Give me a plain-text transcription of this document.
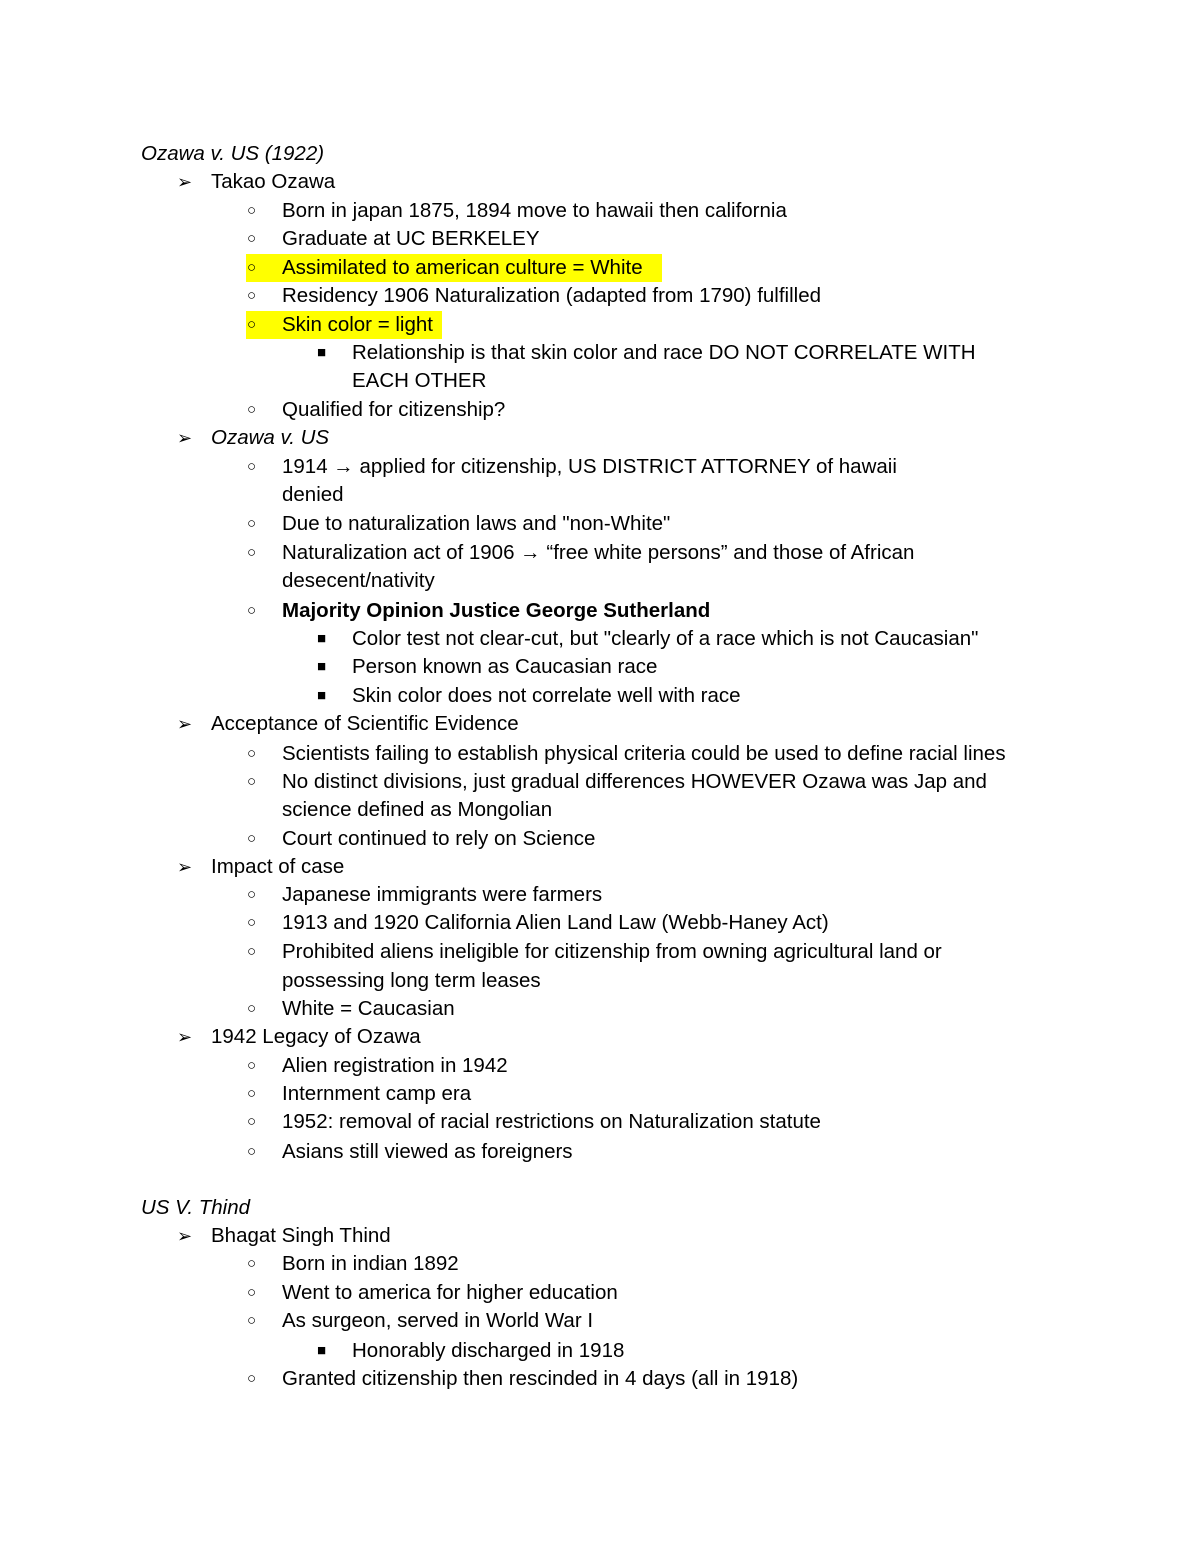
Ozawa v. US (1922)
➢ Takao Ozawa
○	Born in japan 1875, 1894 move to hawaii then california
○	Graduate at UC BERKELEY
○	Assimilated to american culture = White
○	Residency 1906 Naturalization (adapted from 1790) fulfilled
○	Skin color = light
■	Relationship is that skin color and race DO NOT CORRELATE WITH
EACH OTHER
○	Qualified for citizenship?
➢ Ozawa v. US
○	1914 → applied for citizenship, US DISTRICT ATTORNEY of hawaii
denied
○	Due to naturalization laws and "non-White"
○	Naturalization act of 1906 → “free white persons” and those of African
desecent/nativity
○	Majority Opinion Justice George Sutherland
■	Color test not clear-cut, but "clearly of a race which is not Caucasian"
■	Person known as Caucasian race
■	Skin color does not correlate well with race
➢ Acceptance of Scientific Evidence
○	Scientists failing to establish physical criteria could be used to define racial lines
○	No distinct divisions, just gradual differences HOWEVER Ozawa was Jap and
science defined as Mongolian
○	Court continued to rely on Science
➢ Impact of case
○	Japanese immigrants were farmers
○	1913 and 1920 California Alien Land Law (Webb-Haney Act)
○	Prohibited aliens ineligible for citizenship from owning agricultural land or
possessing long term leases
○	White = Caucasian
➢ 1942 Legacy of Ozawa
○	Alien registration in 1942
○	Internment camp era
○	1952: removal of racial restrictions on Naturalization statute
○	Asians still viewed as foreigners
US V. Thind
➢ Bhagat Singh Thind
○	Born in indian 1892
○	Went to america for higher education
○	As surgeon, served in World War I
■	Honorably discharged in 1918
○	Granted citizenship then rescinded in 4 days (all in 1918)
